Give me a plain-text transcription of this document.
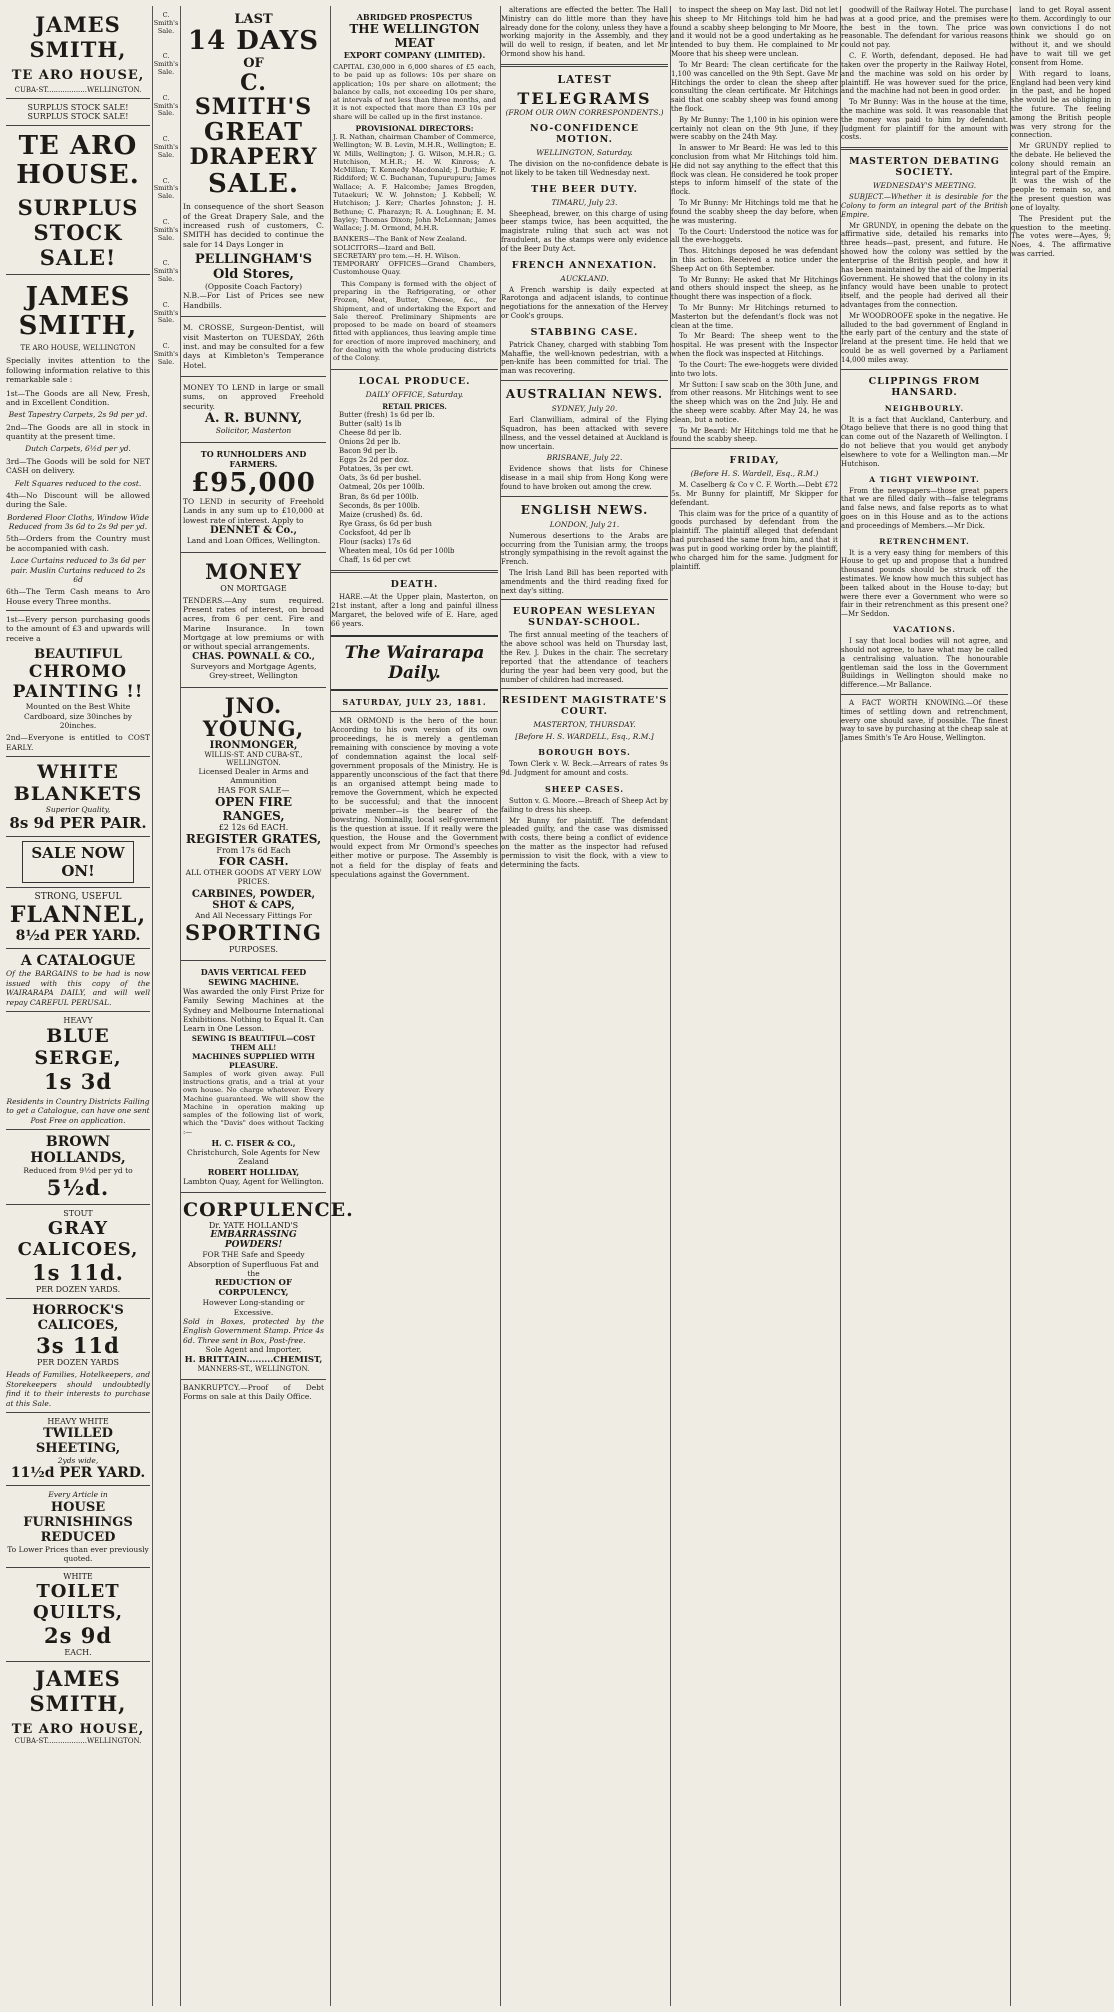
JAMES SMITH,
TE ARO HOUSE,
CUBA-ST..................WELLINGTON.
SURPLUS STOCK SALE!
SURPLUS STOCK SALE!
TE ARO HOUSE.
SURPLUS STOCK
SALE!
JAMES SMITH,
TE ARO HOUSE, WELLINGTON
Specially invites attention to the following information relative to this remarkable sale :
1st—The Goods are all New, Fresh, and in Excellent Condition.
Best Tapestry Carpets, 2s 9d per yd.
2nd—The Goods are all in stock in quantity at the present time.
Dutch Carpets, 6½d per yd.
3rd—The Goods will be sold for NET CASH on delivery.
Felt Squares reduced to the cost.
4th—No Discount will be allowed during the Sale.
Bordered Floor Cloths, Window Wide Reduced from 3s 6d to 2s 9d per yd.
5th—Orders from the Country must be accompanied with cash.
Lace Curtains reduced to 3s 6d per pair. Muslin Curtains reduced to 2s 6d
6th—The Term Cash means to Aro House every Three months.
1st—Every person purchasing goods to the amount of £3 and upwards will receive a
BEAUTIFUL
CHROMO PAINTING !!
Mounted on the Best White Cardboard, size 30inches by 20inches.
2nd—Everyone is entitled to COST EARLY.
WHITE BLANKETS
Superior Quality,
8s 9d PER PAIR.
SALE NOW ON!
STRONG, USEFUL
FLANNEL,
8½d PER YARD.
A CATALOGUE
Of the BARGAINS to be had is now issued with this copy of the WAIRARAPA DAILY, and will well repay CAREFUL PERUSAL.
HEAVY
BLUE SERGE,
1s 3d
Residents in Country Districts Failing to get a Catalogue, can have one sent Post Free on application.
BROWN HOLLANDS,
Reduced from 9½d per yd to
5½d.
STOUT
GRAY CALICOES,
1s 11d.
PER DOZEN YARDS.
HORROCK'S CALICOES,
3s 11d
PER DOZEN YARDS
Heads of Families, Hotelkeepers, and Storekeepers should undoubtedly find it to their interests to purchase at this Sale.
HEAVY WHITE
TWILLED SHEETING,
2yds wide,
11½d PER YARD.
Every Article in
HOUSE FURNISHINGS
REDUCED
To Lower Prices than ever previously quoted.
WHITE
TOILET QUILTS,
2s 9d
EACH.
JAMES SMITH,
TE ARO HOUSE,
CUBA-ST..................WELLINGTON.
C. Smith's Sale.
C. Smith's Sale.
C. Smith's Sale.
C. Smith's Sale.
C. Smith's Sale.
C. Smith's Sale.
C. Smith's Sale.
C. Smith's Sale.
C. Smith's Sale.
LAST
14 DAYS
OF
C. SMITH'S
GREAT
DRAPERY
SALE.
In consequence of the short Season of the Great Drapery Sale, and the increased rush of customers, C. SMITH has decided to continue the sale for 14 Days Longer in
PELLINGHAM'S Old Stores,
(Opposite Coach Factory)
N.B.—For List of Prices see new Handbills.
M. CROSSE, Surgeon-Dentist, will visit Masterton on TUESDAY, 26th inst. and may be consulted for a few days at Kimbleton's Temperance Hotel.
MONEY TO LEND in large or small sums, on approved Freehold security.
A. R. BUNNY,
Solicitor, Masterton
TO RUNHOLDERS AND FARMERS.
£95,000
TO LEND in security of Freehold Lands in any sum up to £10,000 at lowest rate of interest. Apply to
DENNET & Co.,
Land and Loan Offices, Wellington.
MONEY
ON MORTGAGE
TENDERS.—Any sum required. Present rates of interest, on broad acres, from 6 per cent. Fire and Marine Insurance. In town Mortgage at low premiums or with or without special arrangements.
CHAS. POWNALL & CO.,
Surveyors and Mortgage Agents, Grey-street, Wellington
JNO. YOUNG,
IRONMONGER,
WILLIS-ST. AND CUBA-ST., WELLINGTON.
Licensed Dealer in Arms and Ammunition
HAS FOR SALE—
OPEN FIRE RANGES,
£2 12s 6d EACH.
REGISTER GRATES,
From 17s 6d Each
FOR CASH.
ALL OTHER GOODS AT VERY LOW PRICES.
CARBINES, POWDER, SHOT & CAPS,
And All Necessary Fittings For
SPORTING
PURPOSES.
DAVIS VERTICAL FEED SEWING MACHINE.
Was awarded the only First Prize for Family Sewing Machines at the Sydney and Melbourne International Exhibitions. Nothing to Equal It. Can Learn in One Lesson.
SEWING IS BEAUTIFUL—COST THEM ALL!
MACHINES SUPPLIED WITH PLEASURE.
Samples of work given away. Full instructions gratis, and a trial at your own house. No charge whatever. Every Machine guaranteed. We will show the Machine in operation making up samples of the following list of work, which the "Davis" does without Tacking :—
H. C. FISER & CO.,
Christchurch, Sole Agents for New Zealand
ROBERT HOLLIDAY,
Lambton Quay, Agent for Wellington.
CORPULENCE.
Dr. YATE HOLLAND'S
EMBARRASSING POWDERS!
FOR THE Safe and Speedy Absorption of Superfluous Fat and the
REDUCTION OF CORPULENCY,
However Long-standing or Excessive.
Sold in Boxes, protected by the English Government Stamp. Price 4s 6d. Three sent in Box, Post-free.
Sole Agent and Importer,
H. BRITTAIN.........CHEMIST,
MANNERS-ST., WELLINGTON.
BANKRUPTCY.—Proof of Debt Forms on sale at this Daily Office.
ABRIDGED PROSPECTUS
THE WELLINGTON MEAT
EXPORT COMPANY (LIMITED).
CAPITAL £30,000 in 6,000 shares of £5 each, to be paid up as follows: 10s per share on application; 10s per share on allotment; the balance by calls, not exceeding 10s per share, at intervals of not less than three months, and it is not expected that more than £3 10s per share will be called up in the first instance.
PROVISIONAL DIRECTORS:
J. R. Nathan, chairman Chamber of Commerce, Wellington; W. B. Levin, M.H.R., Wellington; E. W. Mills, Wellington; J. G. Wilson, M.H.R.; G. Hutchison, M.H.R.; H. W. Kinross; A. McMillan; T. Kennedy Macdonald; J. Duthie; F. Riddiford; W. C. Buchanan, Tupurupuru; James Wallace; A. F. Halcombe; James Brogden, Tutaekuri; W. W. Johnston; J. Kebbell; W. Hutchison; J. Kerr; Charles Johnston; J. H. Bethune; C. Pharazyn; R. A. Loughnan; E. M. Bayley; Thomas Dixon; John McLennan; James Wallace; J. M. Ormond, M.H.R.
BANKERS—The Bank of New Zealand.
SOLICITORS—Izard and Bell.
SECRETARY pro tem.—H. H. Wilson.
TEMPORARY OFFICES—Grand Chambers, Customhouse Quay.
This Company is formed with the object of preparing in the Refrigerating, or other Frozen, Meat, Butter, Cheese, &c., for Shipment, and of undertaking the Export and Sale thereof. Preliminary Shipments are proposed to be made on board of steamers fitted with appliances, thus leaving ample time for erection of more improved machinery, and for dealing with the whole producing districts of the Colony.
LOCAL PRODUCE.
DAILY OFFICE, Saturday.

RETAIL PRICES.

Butter (fresh) 1s 6d per lb.

Butter (salt) 1s lb

Cheese 8d per lb.

Onions 2d per lb.

Bacon 9d per lb.

Eggs 2s 2d per doz.

Potatoes, 3s per cwt.

Oats, 3s 6d per bushel.

Oatmeal, 20s per 100lb.

Bran, 8s 6d per 100lb.

Seconds, 8s per 100lb.

Maize (crushed) 8s. 6d.

Rye Grass, 6s 6d per bush

Cocksfoot, 4d per lb

Flour (sacks) 17s 6d

Wheaten meal, 10s 6d per 100lb

Chaff, 1s 6d per cwt

DEATH.
HARE.—At the Upper plain, Masterton, on 21st instant, after a long and painful illness Margaret, the beloved wife of E. Hare, aged 66 years.
The Wairarapa Daily.
SATURDAY, JULY 23, 1881.
MR ORMOND is the hero of the hour. According to his own version of its own proceedings, he is merely a gentleman remaining with conscience by moving a vote of condemnation against the local self-government proposals of the Ministry. He is apparently unconscious of the fact that there is an organised attempt being made to remove the Government, which he expected to be successful; and that the innocent private member—is the bearer of the bowstring. Nominally, local self-government is the question at issue. If it really were the question, the House and the Government would expect from Mr Ormond's speeches either motive or purpose. The Assembly is not a field for the display of feats and speculations against the Government.
alterations are effected the better. The Hall Ministry can do little more than they have already done for the colony, unless they have a working majority in the Assembly, and they will do well to resign, if beaten, and let Mr Ormond show his hand.
LATEST
TELEGRAMS
(FROM OUR OWN CORRESPONDENTS.)
NO-CONFIDENCE MOTION.
WELLINGTON, Saturday.
The division on the no-confidence debate is not likely to be taken till Wednesday next.
THE BEER DUTY.
TIMARU, July 23.
Sheephead, brewer, on this charge of using beer stamps twice, has been acquitted, the magistrate ruling that such act was not fraudulent, as the stamps were only evidence of the Beer Duty Act.
FRENCH ANNEXATION.
AUCKLAND.
A French warship is daily expected at Rarotonga and adjacent islands, to continue negotiations for the annexation of the Hervey or Cook's groups.
STABBING CASE.
Patrick Chaney, charged with stabbing Tom Mahaffie, the well-known pedestrian, with a pen-knife has been committed for trial. The man was recovering.
AUSTRALIAN NEWS.
SYDNEY, July 20.
Earl Clanwilliam, admiral of the Flying Squadron, has been attacked with severe illness, and the vessel detained at Auckland is now uncertain.
BRISBANE, July 22.
Evidence shows that lists for Chinese disease in a mail ship from Hong Kong were found to have broken out among the crew.
ENGLISH NEWS.
LONDON, July 21.
Numerous desertions to the Arabs are occurring from the Tunisian army, the troops strongly sympathising in the revolt against the French.
The Irish Land Bill has been reported with amendments and the third reading fixed for next day's sitting.
EUROPEAN WESLEYAN SUNDAY-SCHOOL.
The first annual meeting of the teachers of the above school was held on Thursday last, the Rev. J. Dukes in the chair. The secretary reported that the attendance of teachers during the year had been very good, but the number of children had increased.
RESIDENT MAGISTRATE'S COURT.
MASTERTON, THURSDAY.
[Before H. S. WARDELL, Esq., R.M.]
BOROUGH BOYS.
Town Clerk v. W. Beck.—Arrears of rates 9s 9d. Judgment for amount and costs.
SHEEP CASES.
Sutton v. G. Moore.—Breach of Sheep Act by failing to dress his sheep.
Mr Bunny for plaintiff. The defendant pleaded guilty, and the case was dismissed with costs, there being a conflict of evidence on the matter as the inspector had refused permission to visit the flock, with a view to determining the facts.
to inspect the sheep on May last. Did not let his sheep to Mr Hitchings told him he had found a scabby sheep belonging to Mr Moore, and it would not be a good undertaking as he intended to buy them. He complained to Mr Moore that his sheep were unclean.
To Mr Beard: The clean certificate for the 1,100 was cancelled on the 9th Sept. Gave Mr Hitchings the order to clean the sheep after consulting the clean certificate. Mr Hitchings said that one scabby sheep was found among the flock.
By Mr Bunny: The 1,100 in his opinion were certainly not clean on the 9th June, if they were scabby on the 24th May.
In answer to Mr Beard: He was led to this conclusion from what Mr Hitchings told him. He did not say anything to the effect that this flock was clean. He considered he took proper steps to inform himself of the state of the flock.
To Mr Bunny: Mr Hitchings told me that he found the scabby sheep the day before, when he was mustering.
To the Court: Understood the notice was for all the ewe-hoggets.
Thos. Hitchings deposed he was defendant in this action. Received a notice under the Sheep Act on 6th September.
To Mr Bunny: He asked that Mr Hitchings and others should inspect the sheep, as he thought there was inspection of a flock.
To Mr Bunny: Mr Hitchings returned to Masterton but the defendant's flock was not clean at the time.
To Mr Beard: The sheep went to the hospital. He was present with the Inspector when the flock was inspected at Hitchings.
To the Court: The ewe-hoggets were divided into two lots.
Mr Sutton: I saw scab on the 30th June, and from other reasons. Mr Hitchings went to see the sheep which was on the 2nd July. He and the sheep were scabby. After May 24, he was clean, but a notice.
To Mr Beard: Mr Hitchings told me that he found the scabby sheep.
FRIDAY,
(Before H. S. Wardell, Esq., R.M.)
M. Caselberg & Co v C. F. Worth.—Debt £72 5s. Mr Bunny for plaintiff, Mr Skipper for defendant.
This claim was for the price of a quantity of goods purchased by defendant from the plaintiff. The plaintiff alleged that defendant had purchased the same from him, and that it was put in good working order by the plaintiff, who charged him for the same. Judgment for plaintiff.
goodwill of the Railway Hotel. The purchase was at a good price, and the premises were the best in the town. The price was reasonable. The defendant for various reasons could not pay.
C. F. Worth, defendant, deposed. He had taken over the property in the Railway Hotel, and the machine was sold on his order by plaintiff. He was however sued for the price, and the machine had not been in good order.
To Mr Bunny: Was in the house at the time, the machine was sold. It was reasonable that the money was paid to him by defendant. Judgment for plaintiff for the amount with costs.
MASTERTON DEBATING SOCIETY.
WEDNESDAY'S MEETING.
SUBJECT.—Whether it is desirable for the Colony to form an integral part of the British Empire.
Mr GRUNDY, in opening the debate on the affirmative side, detailed his remarks into three heads—past, present, and future. He showed how the colony was settled by the enterprise of the British people, and how it has been maintained by the aid of the Imperial Government. He showed that the colony in its infancy would have been unable to protect itself, and the people had derived all their advantages from the connection.
Mr WOODROOFE spoke in the negative. He alluded to the bad government of England in the early part of the century and the state of Ireland at the present time. He held that we could be as well governed by a Parliament 14,000 miles away.
CLIPPINGS FROM HANSARD.
NEIGHBOURLY.
It is a fact that Auckland, Canterbury, and Otago believe that there is no good thing that can come out of the Nazareth of Wellington. I do not believe that you would get anybody elsewhere to vote for a Wellington man.—Mr Hutchison.
A TIGHT VIEWPOINT.
From the newspapers—those great papers that we are filled daily with—false telegrams and false news, and false reports as to what goes on in this House and as to the actions and proceedings of Members.—Mr Dick.
RETRENCHMENT.
It is a very easy thing for members of this House to get up and propose that a hundred thousand pounds should be struck off the estimates. We know how much this subject has been talked about in the House to-day; but were there ever a Government who were so fair in their retrenchment as this present one?—Mr Seddon.
VACATIONS.
I say that local bodies will not agree, and should not agree, to have what may be called a centralising valuation. The honourable gentleman said the loss in the Government Buildings in Wellington should make no difference.—Mr Ballance.
A FACT WORTH KNOWING.—Of these times of settling down and retrenchment, every one should save, if possible. The finest way to save by purchasing at the cheap sale at James Smith's Te Aro House, Wellington.
land to get Royal assent to them. Accordingly to our own convictions I do not think we should go on without it, and we should have to wait till we get consent from Home.
With regard to loans, England had been very kind in the past, and he hoped she would be as obliging in the future. The feeling among the British people was very strong for the connection.
Mr GRUNDY replied to the debate. He believed the colony should remain an integral part of the Empire. It was the wish of the people to remain so, and the present question was one of loyalty.
The President put the question to the meeting. The votes were—Ayes, 9; Noes, 4. The affirmative was carried.
